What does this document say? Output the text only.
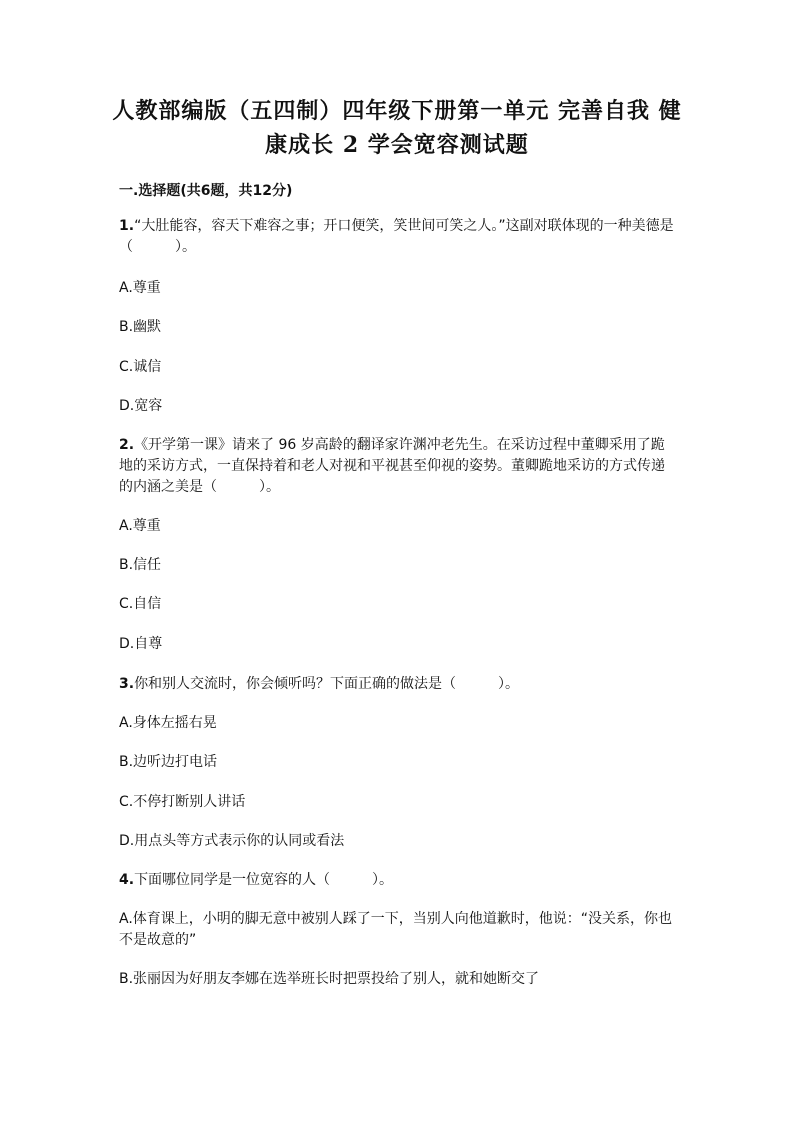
人教部编版（五四制）四年级下册第一单元 完善自我 健康成长 2 学会宽容测试题

一.选择题(共6题，共12分)

1.“大肚能容，容天下难容之事；开口便笑，笑世间可笑之人。”这副对联体现的一种美德是（　　　）。

A.尊重

B.幽默

C.诚信

D.宽容

2.《开学第一课》请来了 96 岁高龄的翻译家许渊冲老先生。在采访过程中董卿采用了跪地的采访方式，一直保持着和老人对视和平视甚至仰视的姿势。董卿跪地采访的方式传递的内涵之美是（　　　）。

A.尊重

B.信任

C.自信

D.自尊

3.你和别人交流时，你会倾听吗？下面正确的做法是（　　　）。

A.身体左摇右晃

B.边听边打电话

C.不停打断别人讲话

D.用点头等方式表示你的认同或看法

4.下面哪位同学是一位宽容的人（　　　）。

A.体育课上，小明的脚无意中被别人踩了一下，当别人向他道歉时，他说：“没关系，你也不是故意的”

B.张丽因为好朋友李娜在选举班长时把票投给了别人，就和她断交了
